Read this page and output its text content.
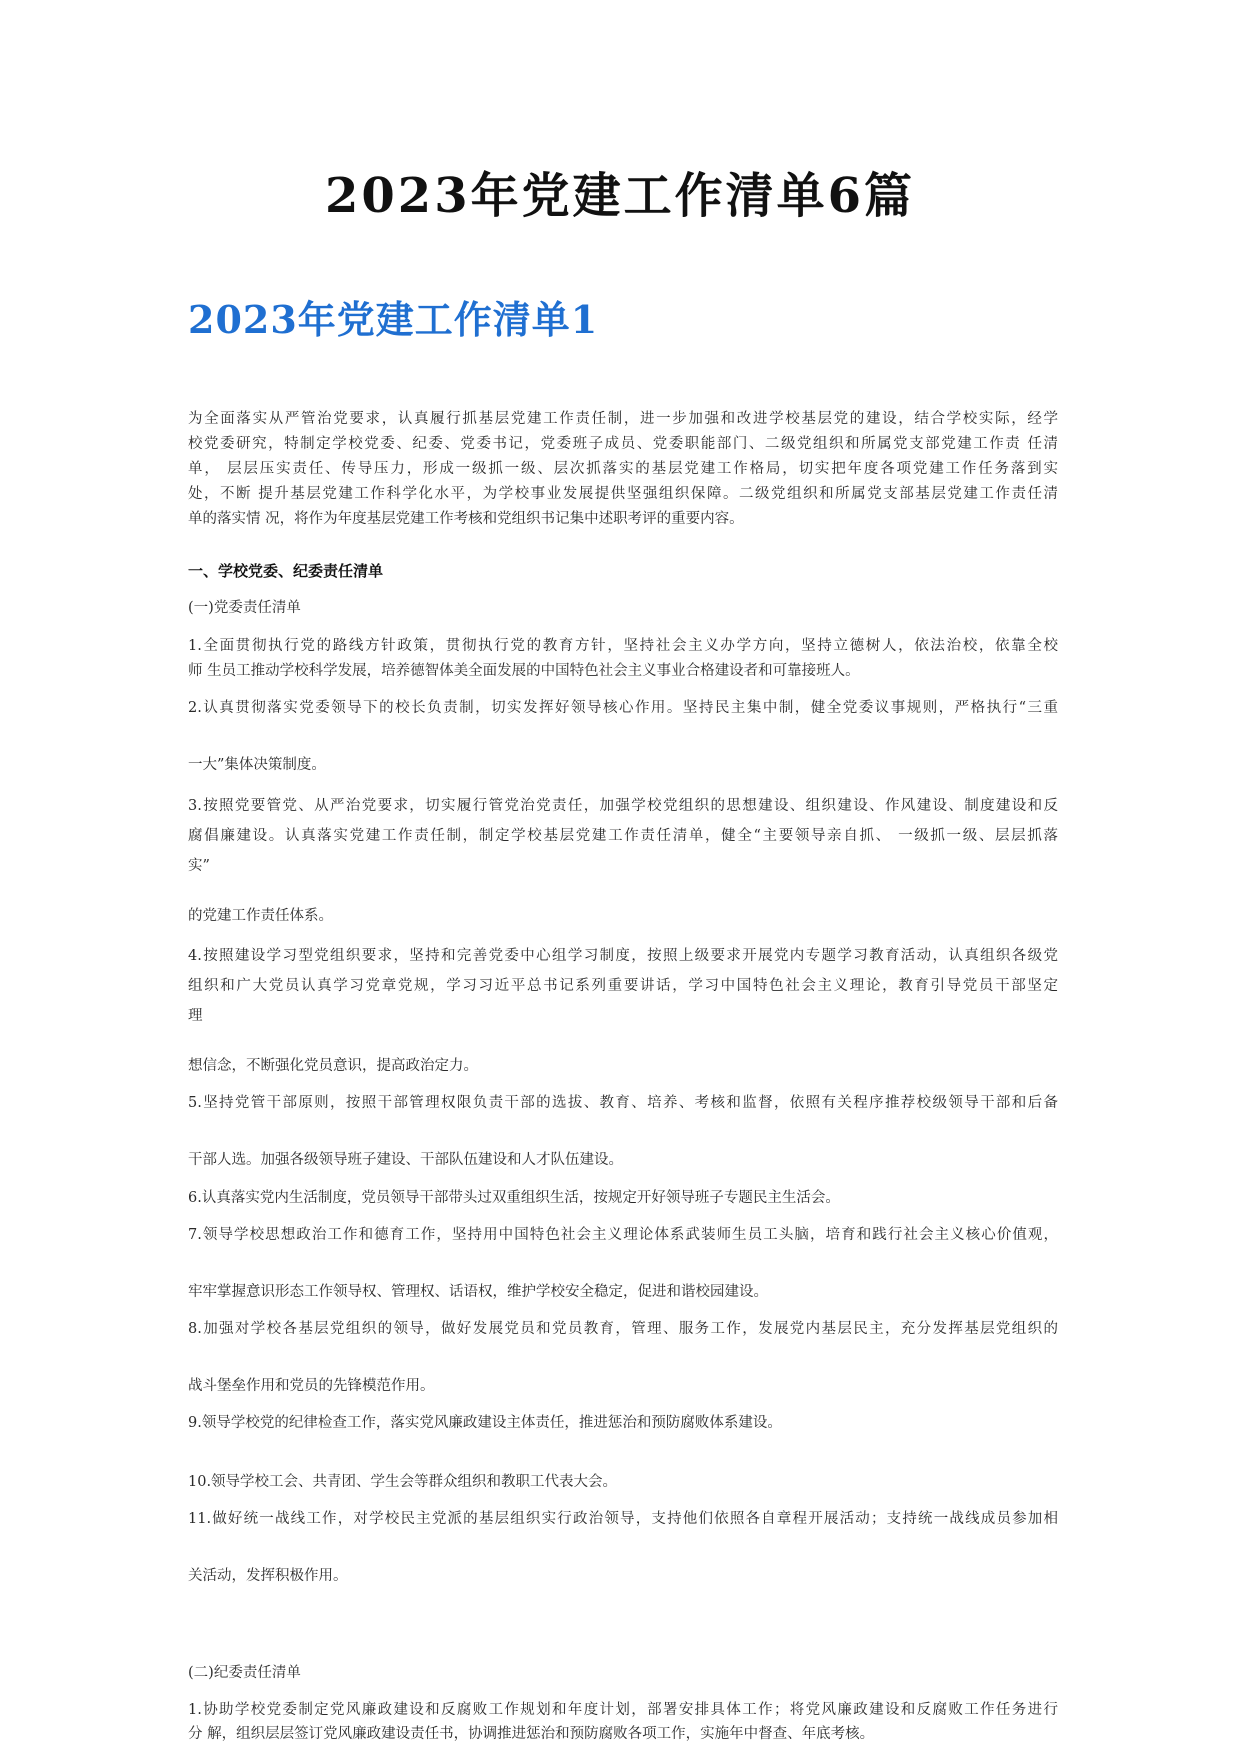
2023年党建工作清单6篇
2023年党建工作清单1
为全面落实从严管治党要求，认真履行抓基层党建工作责任制，进一步加强和改进学校基层党的建设，结合学校实际，经学
校党委研究，特制定学校党委、纪委、党委书记，党委班子成员、党委职能部门、二级党组织和所属党支部党建工作责 任清
单， 层层压实责任、传导压力，形成一级抓一级、层次抓落实的基层党建工作格局，切实把年度各项党建工作任务落到实
处，不断 提升基层党建工作科学化水平，为学校事业发展提供坚强组织保障。二级党组织和所属党支部基层党建工作责任清
单的落实情 况，将作为年度基层党建工作考核和党组织书记集中述职考评的重要内容。
一、学校党委、纪委责任清单
(一)党委责任清单
1.全面贯彻执行党的路线方针政策，贯彻执行党的教育方针，坚持社会主义办学方向，坚持立德树人，依法治校，依靠全校
师 生员工推动学校科学发展，培养德智体美全面发展的中国特色社会主义事业合格建设者和可靠接班人。
2.认真贯彻落实党委领导下的校长负责制，切实发挥好领导核心作用。坚持民主集中制，健全党委议事规则，严格执行“三重
一大”集体决策制度。
3.按照党要管党、从严治党要求，切实履行管党治党责任，加强学校党组织的思想建设、组织建设、作风建设、制度建设和反
腐倡廉建设。认真落实党建工作责任制，制定学校基层党建工作责任清单，健全“主要领导亲自抓、 一级抓一级、层层抓落
实”
的党建工作责任体系。
4.按照建设学习型党组织要求，坚持和完善党委中心组学习制度，按照上级要求开展党内专题学习教育活动，认真组织各级党
组织和广大党员认真学习党章党规，学习习近平总书记系列重要讲话，学习中国特色社会主义理论，教育引导党员干部坚定
理
想信念，不断强化党员意识，提高政治定力。
5.坚持党管干部原则，按照干部管理权限负责干部的选拔、教育、培养、考核和监督，依照有关程序推荐校级领导干部和后备
干部人选。加强各级领导班子建设、干部队伍建设和人才队伍建设。
6.认真落实党内生活制度，党员领导干部带头过双重组织生活，按规定开好领导班子专题民主生活会。
7.领导学校思想政治工作和德育工作，坚持用中国特色社会主义理论体系武装师生员工头脑，培育和践行社会主义核心价值观，
牢牢掌握意识形态工作领导权、管理权、话语权，维护学校安全稳定，促进和谐校园建设。
8.加强对学校各基层党组织的领导，做好发展党员和党员教育，管理、服务工作，发展党内基层民主，充分发挥基层党组织的
战斗堡垒作用和党员的先锋模范作用。
9.领导学校党的纪律检查工作，落实党风廉政建设主体责任，推进惩治和预防腐败体系建设。
10.领导学校工会、共青团、学生会等群众组织和教职工代表大会。
11.做好统一战线工作，对学校民主党派的基层组织实行政治领导，支持他们依照各自章程开展活动；支持统一战线成员参加相
关活动，发挥积极作用。
(二)纪委责任清单
1.协助学校党委制定党风廉政建设和反腐败工作规划和年度计划，部署安排具体工作；将党风廉政建设和反腐败工作任务进行
分 解，组织层层签订党风廉政建设责任书，协调推进惩治和预防腐败各项工作，实施年中督查、年底考核。
